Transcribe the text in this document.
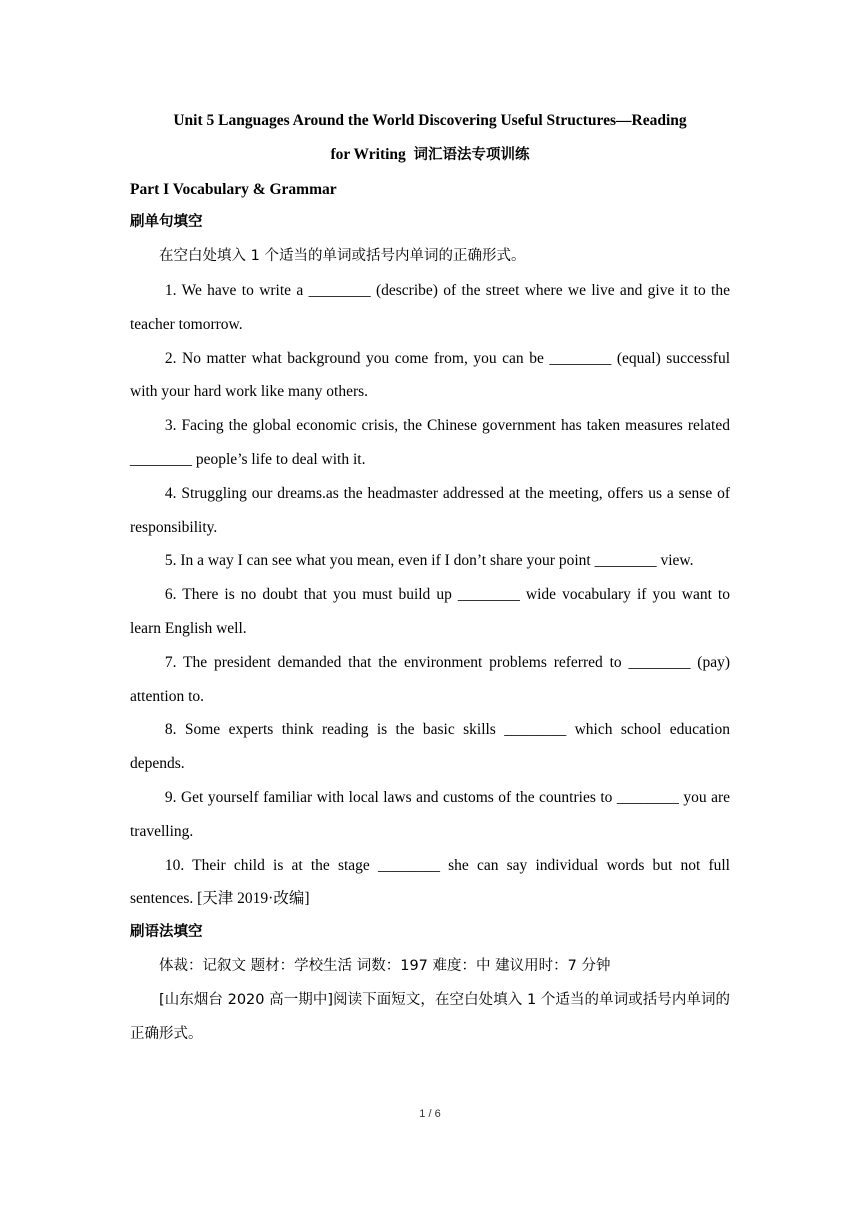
Unit 5 Languages Around the World Discovering Useful Structures—Reading

for Writing 词汇语法专项训练

Part I Vocabulary & Grammar

刷单句填空

在空白处填入 1 个适当的单词或括号内单词的正确形式。

1. We have to write a ________ (describe) of the street where we live and give it to the teacher tomorrow.

2. No matter what background you come from, you can be ________ (equal) successful with your hard work like many others.

3. Facing the global economic crisis, the Chinese government has taken measures related ________ people’s life to deal with it.

4. Struggling our dreams.as the headmaster addressed at the meeting, offers us a sense of responsibility.

5. In a way I can see what you mean, even if I don’t share your point ________ view.

6. There is no doubt that you must build up ________ wide vocabulary if you want to learn English well.

7. The president demanded that the environment problems referred to ________ (pay) attention to.

8. Some experts think reading is the basic skills ________ which school education depends.

9. Get yourself familiar with local laws and customs of the countries to ________ you are travelling.

10. Their child is at the stage ________ she can say individual words but not full sentences. [天津 2019·改编]

刷语法填空

体裁：记叙文 题材：学校生活 词数：197 难度：中 建议用时：7 分钟

[山东烟台 2020 高一期中]阅读下面短文，在空白处填入 1 个适当的单词或括号内单词的正确形式。

1 / 6
